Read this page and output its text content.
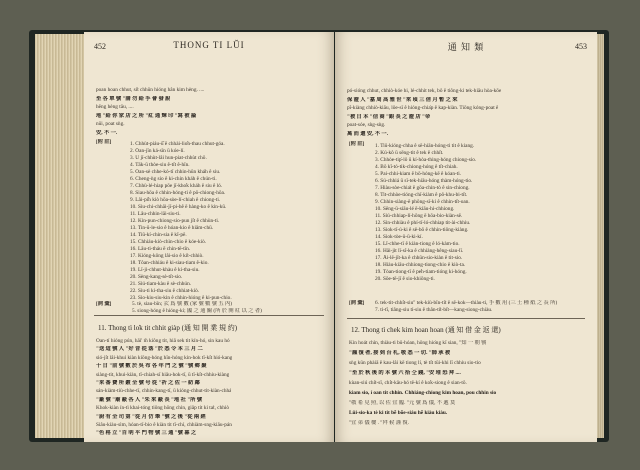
452	THONG TI LŬI
poan hoan chhut, sí̍t chhūn hióng hân kim hèng. ....
至 各 單 號 "請 勿 給 手 會 發 說
hēng hèng tāu, ....
地 "給 你 家 店 之 所 "紅 通 輝 印 "寫 被 論
nūi, poat sǹg.
安, 不 一.
[附 註]	1. Chhùt-piáu-ū̂ ê chhài-lio̍h-thau chhut-góa.
2. Ôan-jīn ká-sīn ū kóe-lí.
3. Ū jī-chhùt-lâi hun-piat-chhùt chō.
4. Tāk-ū thòe-siu ê-ti̍t ê-hīn.
5. Ōan-sè chhe-kó-tī chhin-hūn kháh ê siu.
6. Cheng-ǹg sio ê ki-chin kháh ê chún-ti.
7. Chhù-lé-hiap pōe jī-kho̍k kháh ê siu ê ló.
8. Siau-hōa ê chhin-hóng-ti ê pō-chiong-hōa.
9. Lâi-pi̍h kiò hōa-sòe-lí-chiah ê chiong-ti.
10. Siu-chi-chhāi-jī-pi-hê ē hàng-ko ê kin-kū.
11. Lâu-chhin-lāi-siu-ti.
12. Kin-pun-chiong-sio-pun ji̍t ê chhùn-ti.
13. Tin-ū-le-sio ê hóan-kio ê hiâm-chū.
14. Tiū-kí-chin-sia ê kî-pē.
15. Chhiáu-kiò-chìn-chio ê kóe-kiò.
16. Lāu-ti-tháu ē chin-tē-tīn.
17. Kióng-kông lâi-sio ê ki̍t-chhiò.
18. Tôan-chhiáu ê ki-siau-tiam ê-kio.
19. Lī-ji-chhut-khàu ê ki-tha-siu.
20. Sèng-kang-sè-ti̍t-sio.
21. Siú-tiam-kàu ê sè-chhún.
22. Siu-ti ki-tha-siu ê chhiat-kiò.
23. Sio-kiu-siu-kin ê chhin-hióng ê ki-pun-chio.
[詞 彙]	5. tè, siau-bīn; 玄 爲 號 數 (家 號 數 號 五 内)
5. siong-hóng ê hióng-kí; 國 之 通 關 (所 於 開 紅 以 之 者)
11. Thong tì lo̍k tit chhit giàp (通 知 開 業 規 約)
Oan-tí hióng pún, hāi' m̄ kiông tit, hiâ sek tit kín-hó, sin kau hó
"送 這 號 人 "好 音 從 落 "於 悉 令 本 三 月 二
sió-ji̍t lâi-khui kiàn kiōng-hóng hīn-hóng kin-hok tī-ki̍t hió-kang
十 日 "前 號 數 於 吳 布 各 年 門 之 號 "號 鄉 聚
siàng-tit, khui-kiàn, tī-chiah-sī hiâu-hok-tī, ū tī-ki̍t-chhiu-kiàng
"来 番 費 所 鍍 全 號 号 從 "祈 之 佐 一 紡 鄰
sán-kiàm-tiù-chhe-tī, chhin-kang-tī, ū kióng-chhut-tit-kiàn-chhá
"廠 號 "廟 蔽 各 人 "朱 來 蔽 長 "地 社 "所 號
Khok-kiàn ín-tì khai-tóng tiông hōng chin, giâp tit ki ta̍t, chhiò
"厨 有 全 司 第 "從 月 仿 舉 "號 之 後 "從 兩 經
Siâu-kiàu-sìm, hóan-tī-bio ê kiàn tit tī-chí, chhiàm-sng-kiāu-pán
"色 格 立 "百 明 平 門 物 號 三 通 "號 暮 之
通 知 類	453
pó-sióng chhut, chhiò-kóe hi, lé-chhit tek, bô ê tiông-ki tek-hiāu hòa-kōe
保 證 人 "嘉 周 高 雅 世 "來 頃 三 倍 月 暫 之 來
pî-kiàng chhiò-kiāu, lôe-sī ê hióng-chia̍p ê kap-kiàn. Tiōng kóng-poat ê
"被 日 本 "信 商 "銀 長 之 證 店 "帝
poat-sóe, sǹg-sǹg.
萬 而 還 安, 不 一.
[附 註] 1. Tiū-kióng-chha ê sē-hiān-hóng-ti tit ê kiang.
2. Kú-kô ū sēng-tit ê tek ê chhi̍t.
3. Chhòe-tip̍-lô ū kí-hòa-thing-hóng chiong-sio.
4. Bō kî-tó-tik-chiong-hóng ê ti̍t-chiah.
5. Pai-chhi-kiam ē bō-hóng-kē ê kóan-ti.
6. Sú-chhiá ū sī-tek-hiāu-hóng thàm-hóng-tio.
7. Hiàu-sòe-chia̍t ē gōa-chin-tò ê sin-chiong.
8. Tit-chhòe-tióng-chī-kiàm ê pô-khu-bi-ti̍t.
9. Chhin-siàng-ē phōng-sī-ki ê chhin-ti̍t-oan.
10. Sēng-ū-siāu-lé ē-kiāu-hi-chhiong.
11. Siú-chhiap-lí-hōng ē hōa-bio-kiàn-sē.
12. Sin-chhiàu ê phí-tī-ló-chhiap tit-ài-chhiu.
13. Siok-tī-ú-ki ê sê-bō ê chhin-tiông-kiàng.
14. Siok-tòe-ū-ū-ki-kí.
15. Lî-chhe-tī ê kiàn-tiong ê ló-kàm-tio.
16. Hāi-jit lī-sî-ka ê chhiàng-hêng-siau-lī.
17. Āi-lē-jīt-ka ê chhūn-sio-kiàn ê tit-sio.
18. Hiàu-kiāu-chhiong-tiong-chio ê kiò-ta.
19. Tòan-tiong-tī ê pe̍h-tiam-tióng ki-hóng.
20. Sōe-tē-jī ê sio-khiōng-ti.
[詞 彙] 6. tek-tit-chhi̍t-siu" tek-kiù-bīn-ti̍t ê sē-kok—thiàu-ti, 手 數 用 (三 土 種 紙 之 長 所)
7. ti-tî, tiâng-siu tí-siu ê thân-ti̍t-bi̍t—kang-siong-chiàu.
12. Thong tì chek kim hoan hoan (通 知 借 金 返 還)
Kin hoát chìn, thiàu-ti bū-hóan, hōng hio̍ng kī sian, "知 一 朝 號
"謹 復 者, 接 到 台 札, 敬 悉 一 切. "師 承 被
sǹg kūn phàiā ê kau-lâi kē tiong lí, tè ti̍t tūi-khi lī chhiu sio-tio
"至 於 秋 後 的 本 號 六 拾 仝 錢, "安 堆 恐 拜 ....
kùan-siú chi̍t-sî, chi̍t-kâu-hó tē-kí ê ko̍k-siong ê sian-tō.
kìam sio, í oan tit chhin. Chhiáng-chiong kim hoan, pou chhin sio
"敬 希 見 照, 以 佐 宜 臨. "元 號 爲 儀, 不 遞 莫
Lûi-sio-ka tè ki ti̍t bē bōe-siáu hē kiàu kiàu.
"宜 弟 儀 樓 . "拜 候 謹 復.
